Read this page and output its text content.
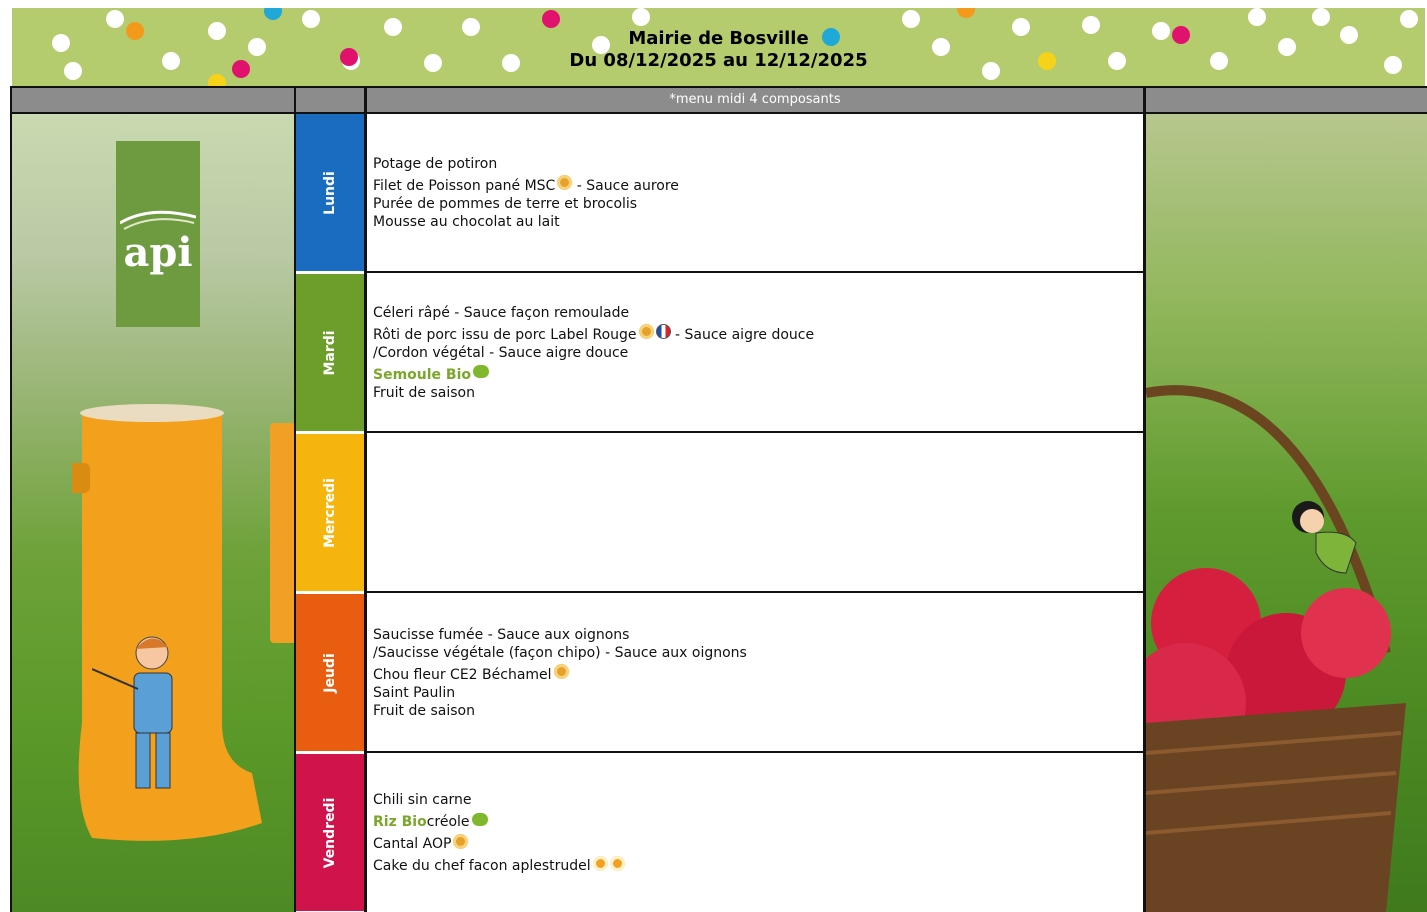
Mairie de Bosville
Du 08/12/2025 au 12/12/2025
*menu midi 4 composants
api
Lundi
Mardi
Mercredi
Jeudi
Vendredi
Potage de potiron
Filet de Poisson pané MSC - Sauce aurore
Purée de pommes de terre et brocolis
Mousse au chocolat au lait
Céleri râpé - Sauce façon remoulade
Rôti de porc issu de porc Label Rouge - Sauce aigre douce
/Cordon végétal - Sauce aigre douce
Semoule Bio
Fruit de saison
Saucisse fumée - Sauce aux oignons
/Saucisse végétale (façon chipo) - Sauce aux oignons
Chou fleur CE2 Béchamel
Saint Paulin
Fruit de saison
Chili sin carne
Riz Bio créole
Cantal AOP
Cake du chef facon aplestrudel
